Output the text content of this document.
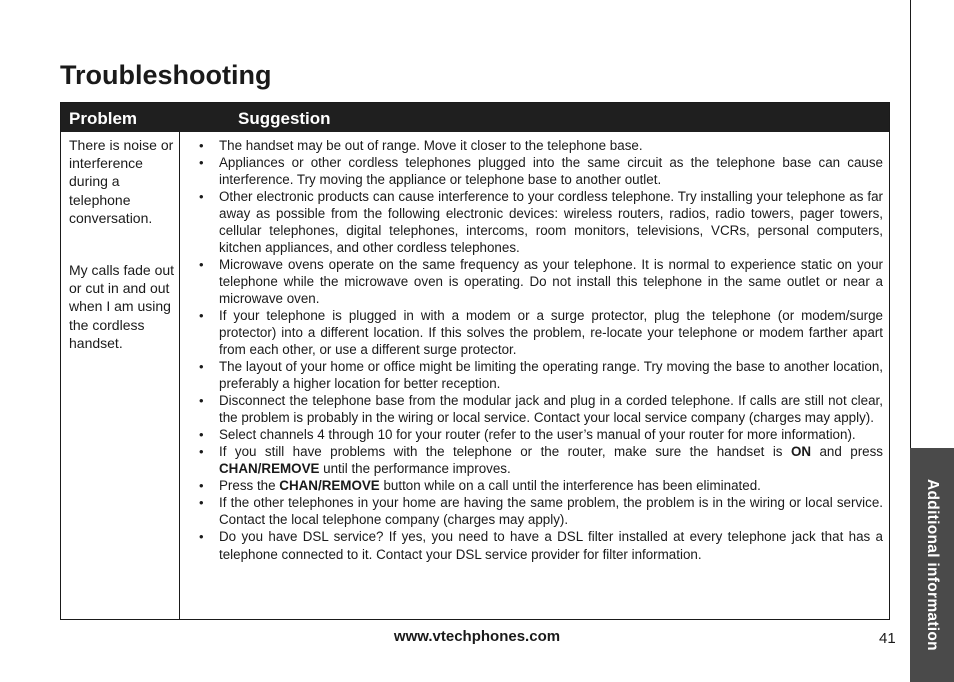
Additional information
Troubleshooting
Problem	Suggestion
There is noise or interference during a telephone conversation.
My calls fade out or cut in and out when I am using the cordless handset.
• The handset may be out of range. Move it closer to the telephone base.
• Appliances or other cordless telephones plugged into the same circuit as the telephone base can cause interference. Try moving the appliance or telephone base to another outlet.
• Other electronic products can cause interference to your cordless telephone. Try installing your telephone as far away as possible from the following electronic devices: wireless routers, radios, radio towers, pager towers, cellular telephones, digital telephones, intercoms, room monitors, televisions, VCRs, personal computers, kitchen appliances, and other cordless telephones.
• Microwave ovens operate on the same frequency as your telephone. It is normal to experience static on your telephone while the microwave oven is operating. Do not install this telephone in the same outlet or near a microwave oven.
• If your telephone is plugged in with a modem or a surge protector, plug the telephone (or modem/surge protector) into a different location. If this solves the problem, re-locate your telephone or modem farther apart from each other, or use a different surge protector.
• The layout of your home or office might be limiting the operating range. Try moving the base to another location, preferably a higher location for better reception.
• Disconnect the telephone base from the modular jack and plug in a corded telephone. If calls are still not clear, the problem is probably in the wiring or local service. Contact your local service company (charges may apply).
• Select channels 4 through 10 for your router (refer to the user’s manual of your router for more information).
• If you still have problems with the telephone or the router, make sure the handset is ON and press CHAN/REMOVE until the performance improves.
• Press the CHAN/REMOVE button while on a call until the interference has been eliminated.
• If the other telephones in your home are having the same problem, the problem is in the wiring or local service. Contact the local telephone company (charges may apply).
• Do you have DSL service? If yes, you need to have a DSL filter installed at every telephone jack that has a telephone connected to it. Contact your DSL service provider for filter information.
www.vtechphones.com	41
